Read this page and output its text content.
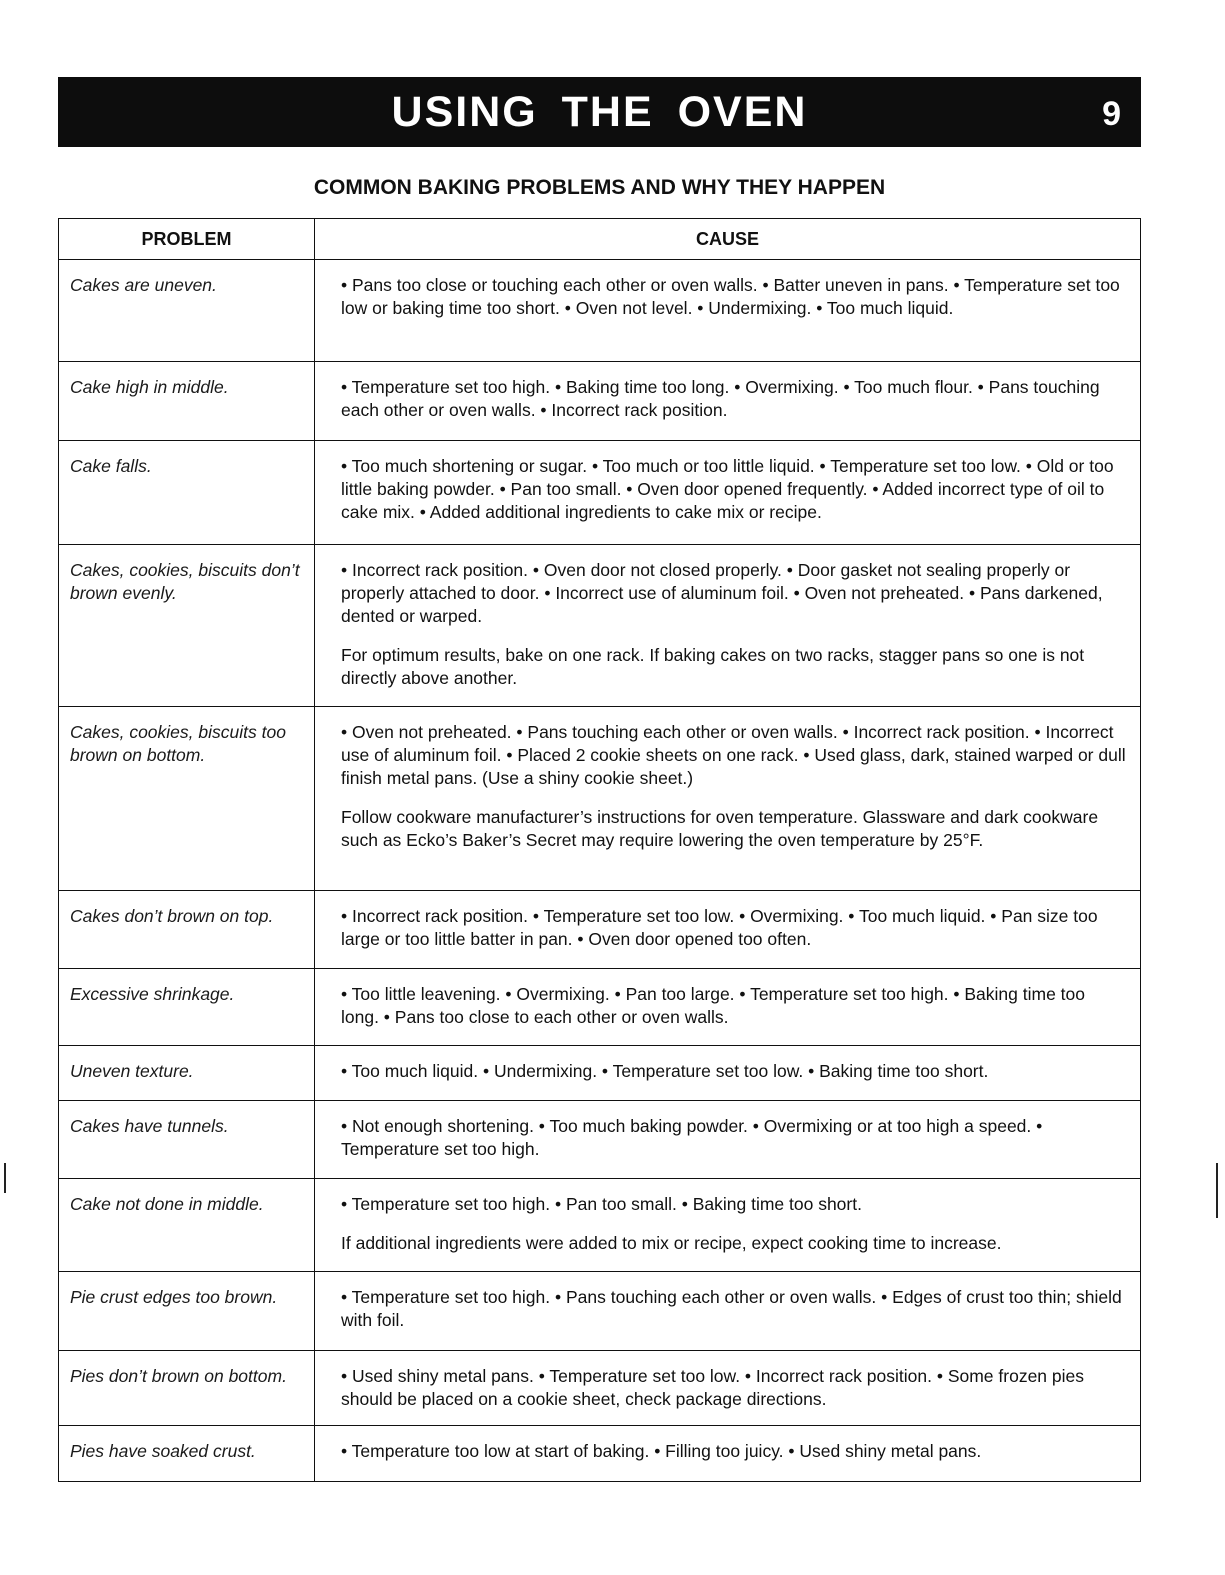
USING THE OVEN	9
COMMON BAKING PROBLEMS AND WHY THEY HAPPEN
PROBLEM	CAUSE
Cakes are uneven.	• Pans too close or touching each other or oven walls. • Batter uneven in pans. • Temperature set too low or baking time too short. • Oven not level. • Undermixing. • Too much liquid.

Cake high in middle.	• Temperature set too high. • Baking time too long. • Overmixing. • Too much flour. • Pans touching each other or oven walls. • Incorrect rack position.

Cake falls.	• Too much shortening or sugar. • Too much or too little liquid. • Temperature set too low. • Old or too little baking powder. • Pan too small. • Oven door opened frequently. • Added incorrect type of oil to cake mix. • Added additional ingredients to cake mix or recipe.

Cakes, cookies, biscuits don’t brown evenly.	• Incorrect rack position. • Oven door not closed properly. • Door gasket not sealing properly or properly attached to door. • Incorrect use of aluminum foil. • Oven not preheated. • Pans darkened, dented or warped.

For optimum results, bake on one rack. If baking cakes on two racks, stagger pans so one is not directly above another.

Cakes, cookies, biscuits too brown on bottom.	• Oven not preheated. • Pans touching each other or oven walls. • Incorrect rack position. • Incorrect use of aluminum foil. • Placed 2 cookie sheets on one rack. • Used glass, dark, stained warped or dull finish metal pans. (Use a shiny cookie sheet.)

Follow cookware manufacturer’s instructions for oven temperature. Glassware and dark cookware such as Ecko’s Baker’s Secret may require lowering the oven temperature by 25°F.

Cakes don’t brown on top.	• Incorrect rack position. • Temperature set too low. • Overmixing. • Too much liquid. • Pan size too large or too little batter in pan. • Oven door opened too often.

Excessive shrinkage.	• Too little leavening. • Overmixing. • Pan too large. • Temperature set too high. • Baking time too long. • Pans too close to each other or oven walls.

Uneven texture.	• Too much liquid. • Undermixing. • Temperature set too low. • Baking time too short.

Cakes have tunnels.	• Not enough shortening. • Too much baking powder. • Overmixing or at too high a speed. • Temperature set too high.

Cake not done in middle.	• Temperature set too high. • Pan too small. • Baking time too short.

If additional ingredients were added to mix or recipe, expect cooking time to increase.

Pie crust edges too brown.	• Temperature set too high. • Pans touching each other or oven walls. • Edges of crust too thin; shield with foil.

Pies don’t brown on bottom.	• Used shiny metal pans. • Temperature set too low. • Incorrect rack position. • Some frozen pies should be placed on a cookie sheet, check package directions.

Pies have soaked crust.	• Temperature too low at start of baking. • Filling too juicy. • Used shiny metal pans.
